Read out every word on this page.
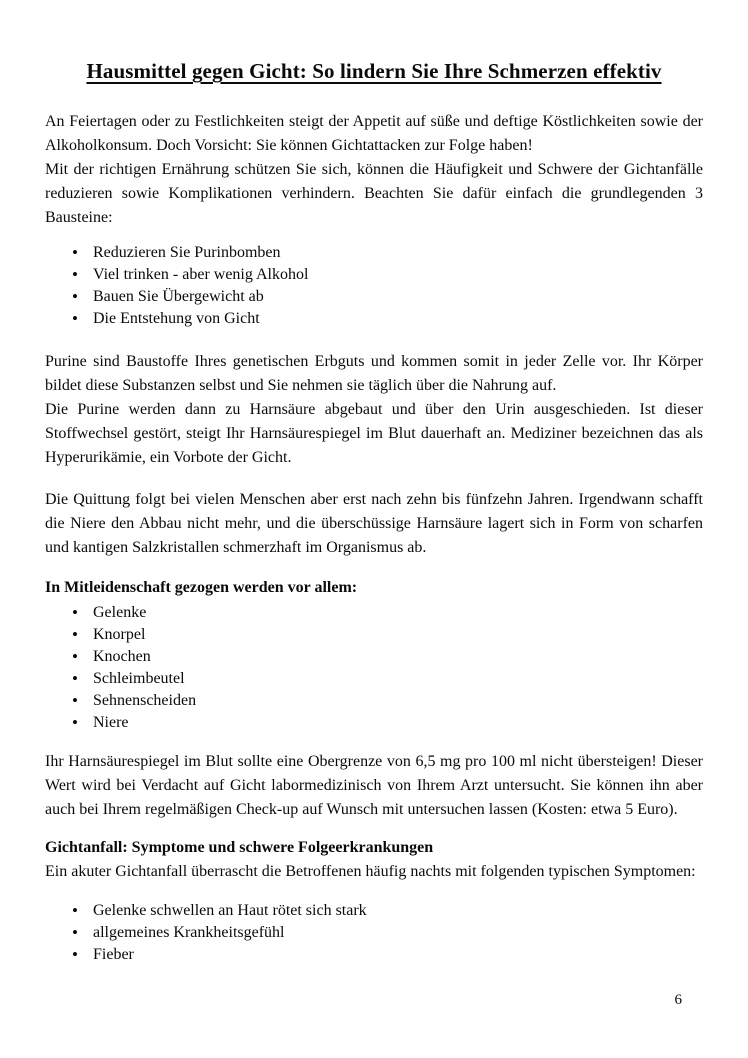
Hausmittel gegen Gicht: So lindern Sie Ihre Schmerzen effektiv

An Feiertagen oder zu Festlichkeiten steigt der Appetit auf süße und deftige Köstlichkeiten sowie der Alkoholkonsum. Doch Vorsicht: Sie können Gichtattacken zur Folge haben!

Mit der richtigen Ernährung schützen Sie sich, können die Häufigkeit und Schwere der Gichtanfälle reduzieren sowie Komplikationen verhindern. Beachten Sie dafür einfach die grundlegenden 3 Bausteine:

• Reduzieren Sie Purinbomben
• Viel trinken - aber wenig Alkohol
• Bauen Sie Übergewicht ab
• Die Entstehung von Gicht

Purine sind Baustoffe Ihres genetischen Erbguts und kommen somit in jeder Zelle vor. Ihr Körper bildet diese Substanzen selbst und Sie nehmen sie täglich über die Nahrung auf.

Die Purine werden dann zu Harnsäure abgebaut und über den Urin ausgeschieden. Ist dieser Stoffwechsel gestört, steigt Ihr Harnsäurespiegel im Blut dauerhaft an. Mediziner bezeichnen das als Hyperurikämie, ein Vorbote der Gicht.

Die Quittung folgt bei vielen Menschen aber erst nach zehn bis fünfzehn Jahren. Irgendwann schafft die Niere den Abbau nicht mehr, und die überschüssige Harnsäure lagert sich in Form von scharfen und kantigen Salzkristallen schmerzhaft im Organismus ab.

In Mitleidenschaft gezogen werden vor allem:
• Gelenke
• Knorpel
• Knochen
• Schleimbeutel
• Sehnenscheiden
• Niere

Ihr Harnsäurespiegel im Blut sollte eine Obergrenze von 6,5 mg pro 100 ml nicht übersteigen! Dieser Wert wird bei Verdacht auf Gicht labormedizinisch von Ihrem Arzt untersucht. Sie können ihn aber auch bei Ihrem regelmäßigen Check-up auf Wunsch mit untersuchen lassen (Kosten: etwa 5 Euro).

Gichtanfall: Symptome und schwere Folgeerkrankungen

Ein akuter Gichtanfall überrascht die Betroffenen häufig nachts mit folgenden typischen Symptomen:

• Gelenke schwellen an Haut rötet sich stark
• allgemeines Krankheitsgefühl
• Fieber
6
